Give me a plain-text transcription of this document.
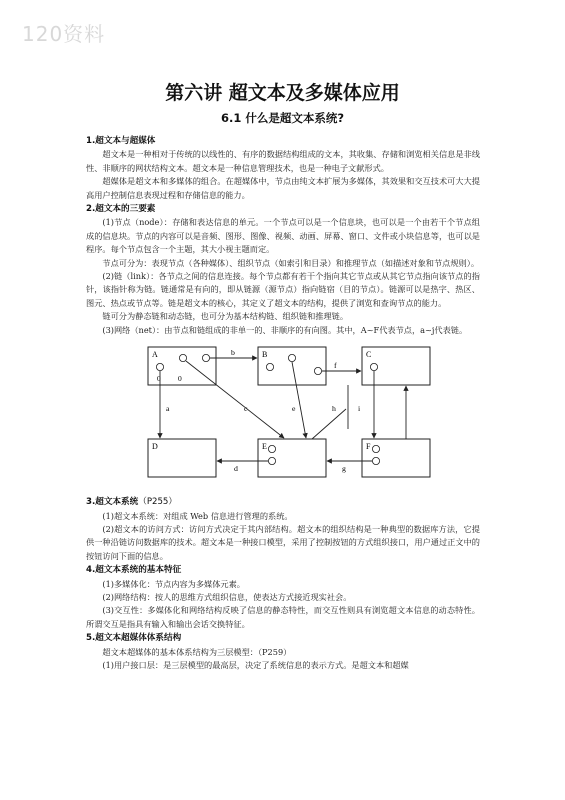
120资料
第六讲 超文本及多媒体应用
6.1 什么是超文本系统?
1.超文本与超媒体

超文本是一种相对于传统的以线性的、有序的数据结构组成的文本，其收集、存储和浏览相关信息是非线性、非顺序的网状结构文本。超文本是一种信息管理技术，也是一种电子文献形式。

超媒体是超文本和多媒体的组合。在超媒体中，节点由纯文本扩展为多媒体，其效果和交互技术可大大提高用户控制信息表现过程和存储信息的能力。

2.超文本的三要素

(1)节点（node）：存储和表达信息的单元。一个节点可以是一个信息块，也可以是一个由若干个节点组成的信息块。节点的内容可以是音频、图形、图像、视频、动画、屏幕、窗口、文件或小块信息等，也可以是程序。每个节点包含一个主题，其大小视主题而定。

节点可分为：表现节点（各种媒体）、组织节点（如索引和目录）和推理节点（如描述对象和节点规则）。

(2)链（link）：各节点之间的信息连接。每个节点都有若干个指向其它节点或从其它节点指向该节点的指针，该指针称为链。链通常是有向的，即从链源（源节点）指向链宿（目的节点）。链源可以是热字、热区、图元、热点或节点等。链是超文本的核心，其定义了超文本的结构，提供了浏览和查询节点的能力。

链可分为静态链和动态链，也可分为基本结构链、组织链和推理链。

(3)网络（net）：由节点和链组成的非单一的、非顺序的有向图。其中，A~F代表节点，a~j代表链。

A	B	C
D	E	F
0 0
b
f
a	c	e	h	i
g
d
3.超文本系统（P255）

(1)超文本系统：对组成 Web 信息进行管理的系统。

(2)超文本的访问方式：访问方式决定于其内部结构。超文本的组织结构是一种典型的数据库方法，它提供一种沿链访问数据库的技术。超文本是一种接口模型，采用了控制按钮的方式组织接口，用户通过正文中的按钮访问下面的信息。

4.超文本系统的基本特征

(1)多媒体化：节点内容为多媒体元素。

(2)网络结构：按人的思维方式组织信息，使表达方式接近现实社会。

(3)交互性：多媒体化和网络结构反映了信息的静态特性，而交互性则具有浏览超文本信息的动态特性。所谓交互是指具有输入和输出会话交换特征。

5.超文本超媒体体系结构

超文本超媒体的基本体系结构为三层模型：（P259）

(1)用户接口层：是三层模型的最高层，决定了系统信息的表示方式。是超文本和超媒
